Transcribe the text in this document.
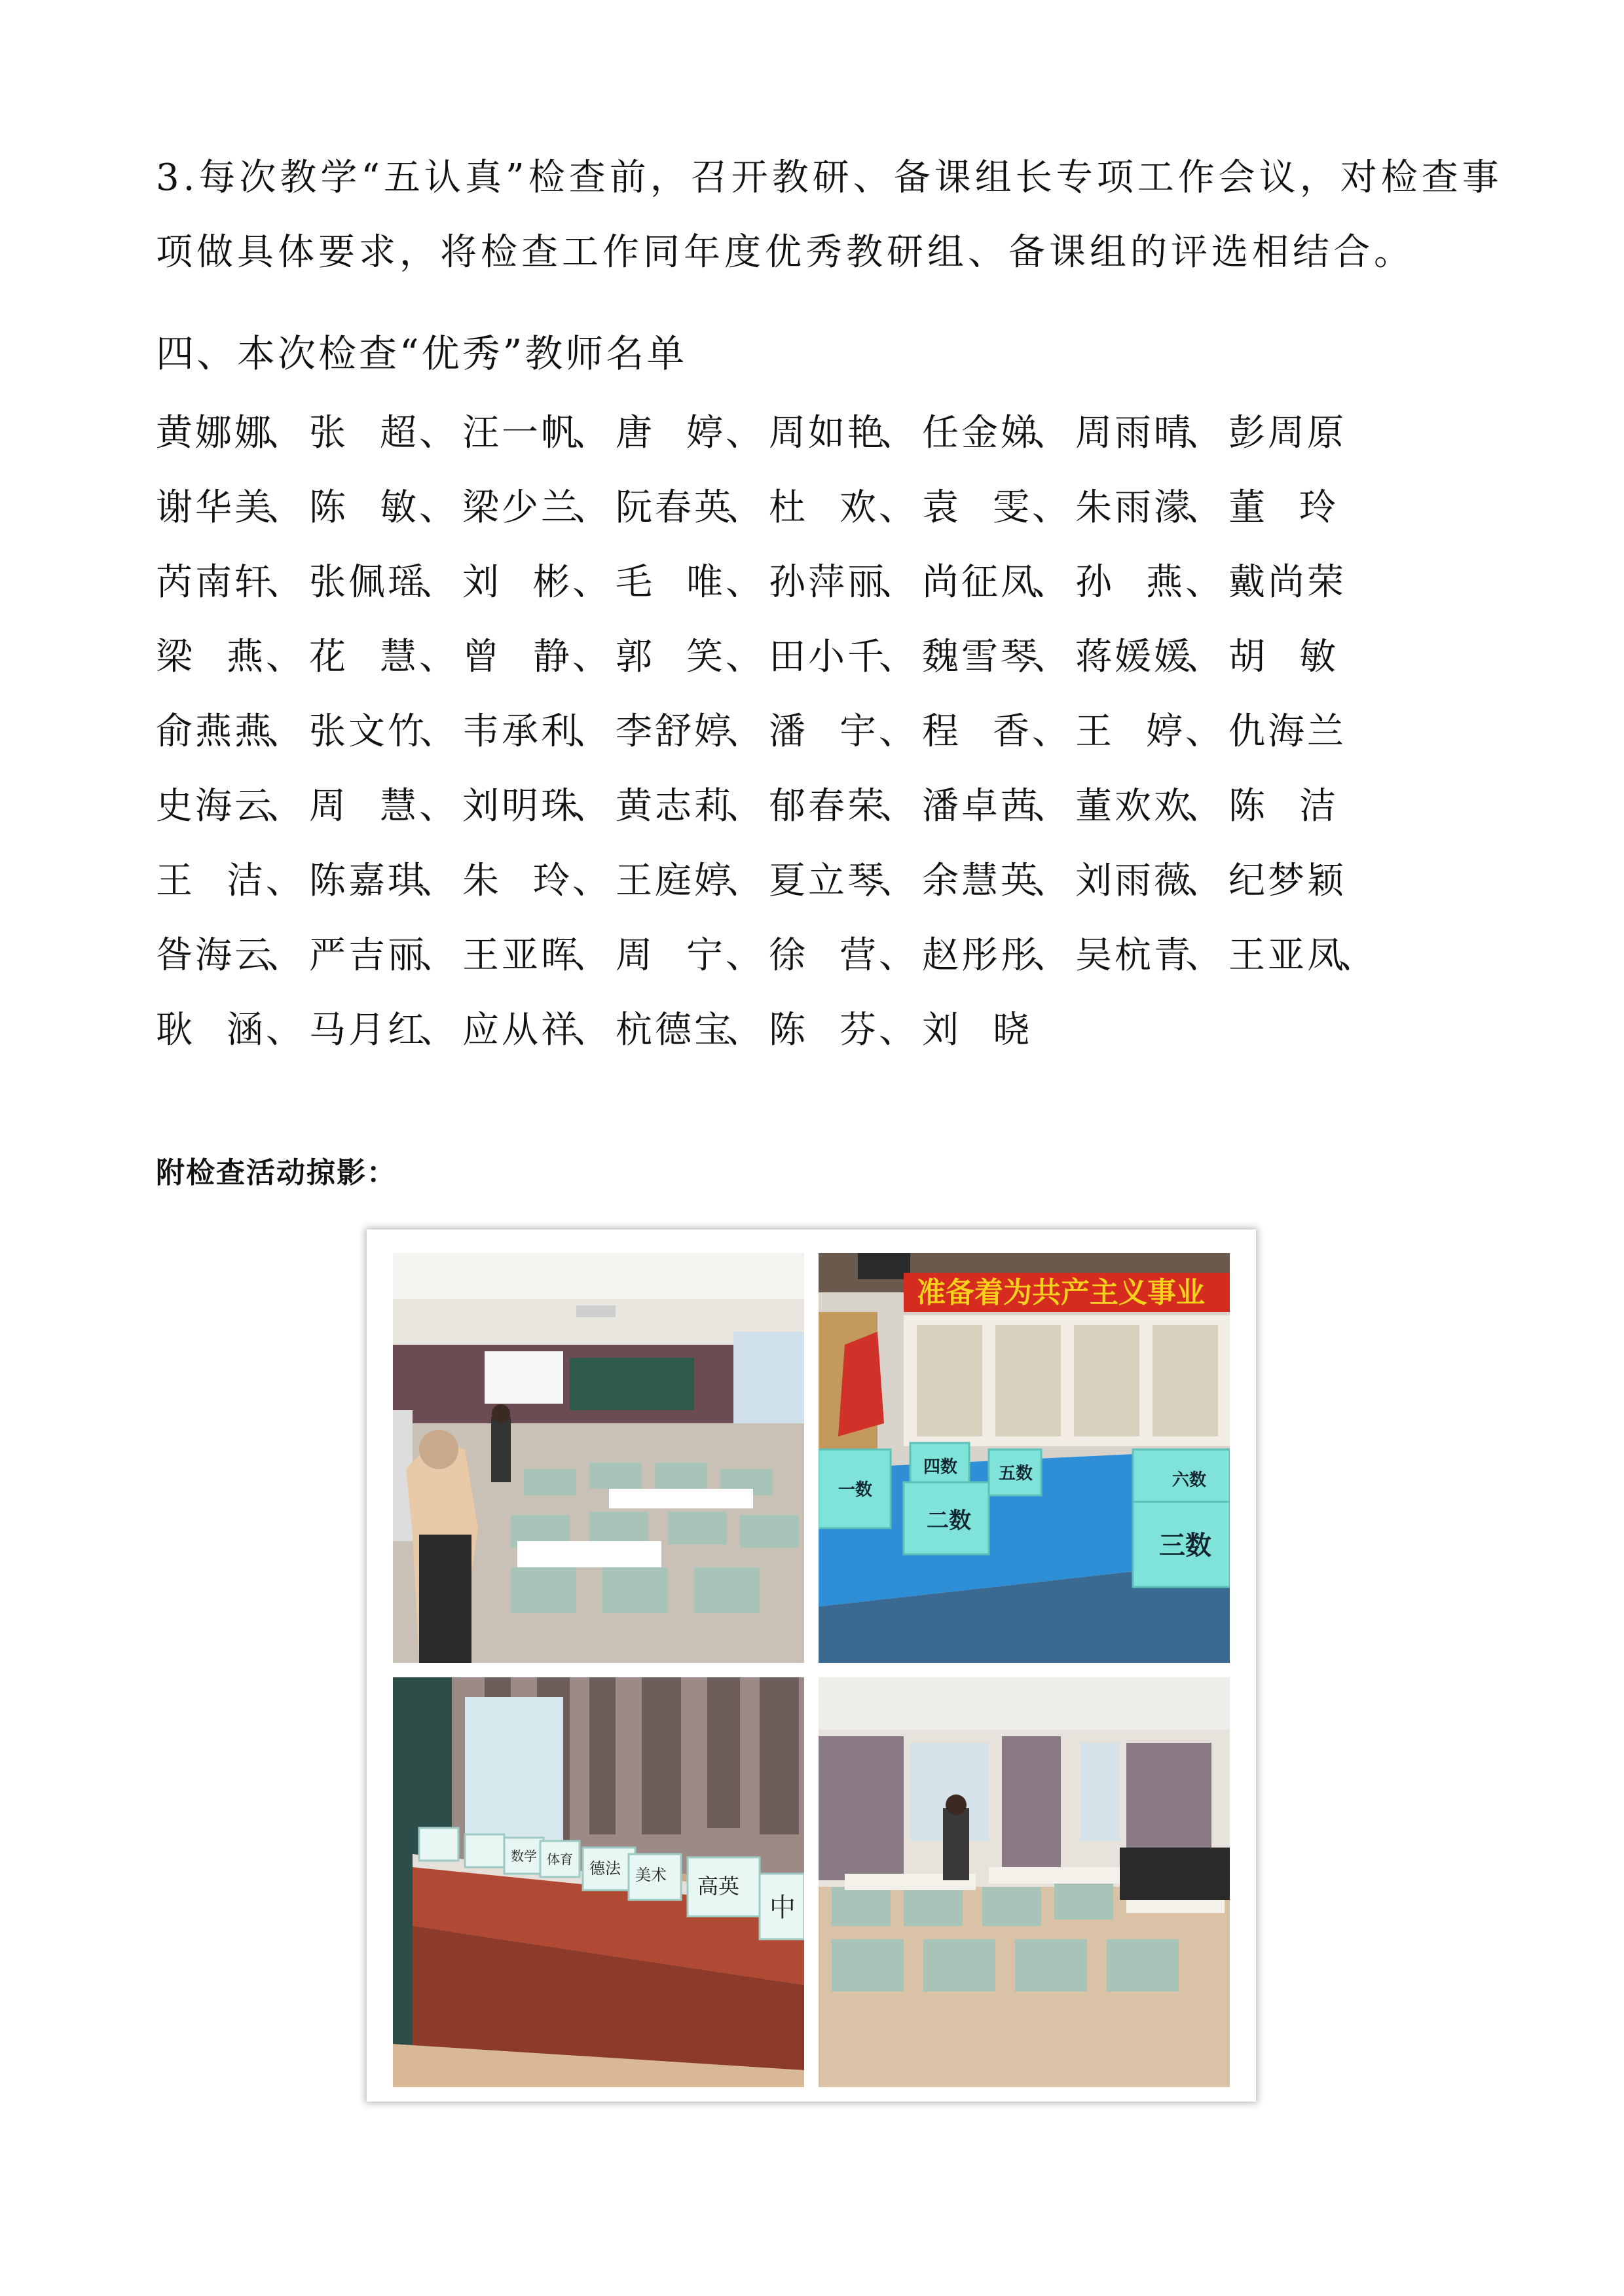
3.每次教学“五认真”检查前，召开教研、备课组长专项工作会议，对检查事

项做具体要求，将检查工作同年度优秀教研组、备课组的评选相结合。

四、本次检查“优秀”教师名单
黄娜娜
、 张超 、 汪一帆
、 唐婷 、 周如艳
、 任金娣
、 周雨晴
、 彭周原
谢华美
、 陈敏 、 梁少兰
、 阮春英
、 杜欢 、 袁雯 、 朱雨濛
、 董玲
芮南轩
、 张佩瑶
、 刘彬 、 毛唯 、 孙萍丽
、 尚征凤
、 孙燕 、 戴尚荣
梁燕 、 花慧 、 曾静 、 郭笑 、 田小千
、 魏雪琴
、 蒋媛媛
、 胡敏
俞燕燕
、 张文竹
、 韦承利
、 李舒婷
、 潘宇 、 程香 、 王婷 、 仇海兰
史海云
、 周慧 、 刘明珠
、 黄志莉
、 郁春荣
、 潘卓茜
、 董欢欢
、 陈洁
王洁 、 陈嘉琪
、 朱玲 、 王庭婷
、 夏立琴
、 余慧英
、 刘雨薇
、 纪梦颖
昝海云
、 严吉丽
、 王亚晖
、 周宁 、 徐营 、 赵彤彤
、 吴杭青
、 王亚凤
、
耿涵 、 马月红
、 应从祥
、 杭德宝
、 陈芬 、 刘晓
附检查活动掠影：
准备着为共产主义事业
一数
四数 五数	六数
二数
三数
数学 体育 德法 美术 高英
中
